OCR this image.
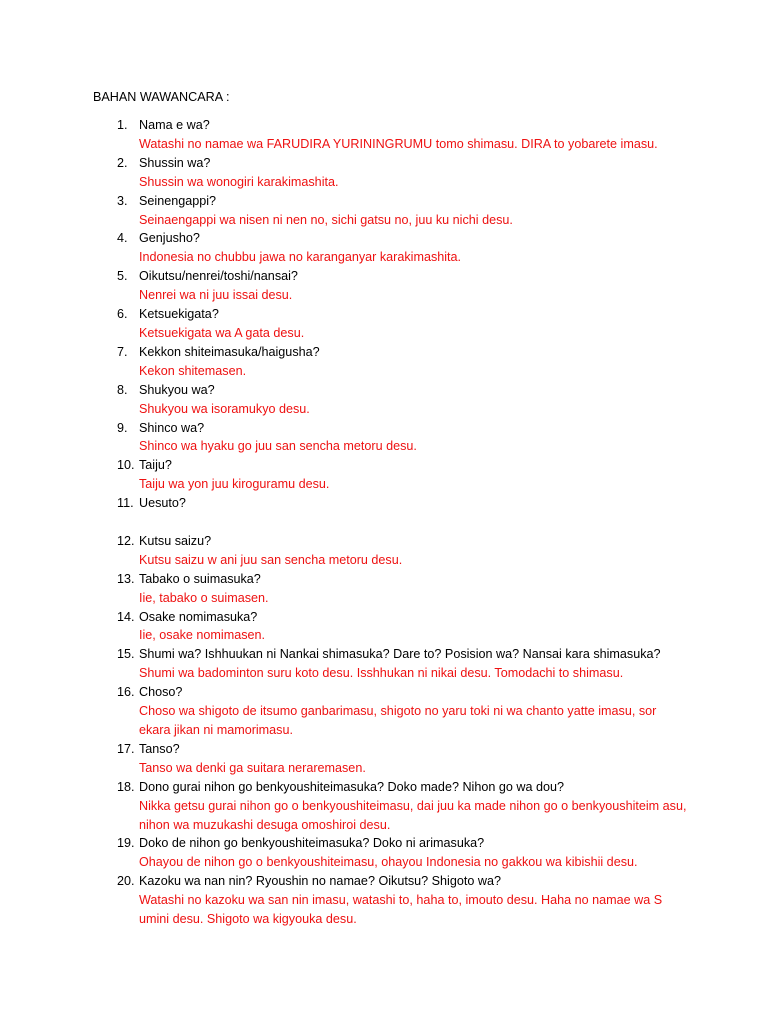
BAHAN WAWANCARA :
1. Nama e wa?
Watashi no namae wa FARUDIRA YURININGRUMU tomo shimasu. DIRA to yobarete imasu.
2. Shussin wa?
Shussin wa wonogiri karakimashita.
3. Seinengappi?
Seinaengappi wa nisen ni nen no, sichi gatsu no, juu ku nichi desu.
4. Genjusho?
Indonesia no chubbu jawa no karanganyar karakimashita.
5. Oikutsu/nenrei/toshi/nansai?
Nenrei wa ni juu issai desu.
6. Ketsuekigata?
Ketsuekigata wa A gata desu.
7. Kekkon shiteimasuka/haigusha?
Kekon shitemasen.
8. Shukyou wa?
Shukyou wa isoramukyo desu.
9. Shinco wa?
Shinco wa hyaku go juu san sencha metoru desu.
10. Taiju?
Taiju wa yon juu kiroguramu desu.
11. Uesuto?
12. Kutsu saizu?
Kutsu saizu w ani juu san sencha metoru desu.
13. Tabako o suimasuka?
Iie, tabako o suimasen.
14. Osake nomimasuka?
Iie, osake nomimasen.
15. Shumi wa? Ishhuukan ni Nankai shimasuka? Dare to? Posision wa? Nansai kara shimasuka?
Shumi wa badominton suru koto desu. Isshhukan ni nikai desu. Tomodachi to shimasu.
16. Choso?
Choso wa shigoto de itsumo ganbarimasu, shigoto no yaru toki ni wa chanto yatte imasu, sor ekara jikan ni mamorimasu.
17. Tanso?
Tanso wa denki ga suitara neraremasen.
18. Dono gurai nihon go benkyoushiteimasuka? Doko made? Nihon go wa dou?
Nikka getsu gurai nihon go o benkyoushiteimasu, dai juu ka made nihon go o benkyoushiteim asu, nihon wa muzukashi desuga omoshiroi desu.
19. Doko de nihon go benkyoushiteimasuka? Doko ni arimasuka?
Ohayou de nihon go o benkyoushiteimasu, ohayou Indonesia no gakkou wa kibishii desu.
20. Kazoku wa nan nin? Ryoushin no namae? Oikutsu? Shigoto wa?
Watashi no kazoku wa san nin imasu, watashi to, haha to, imouto desu. Haha no namae wa S umini desu. Shigoto wa kigyouka desu.
